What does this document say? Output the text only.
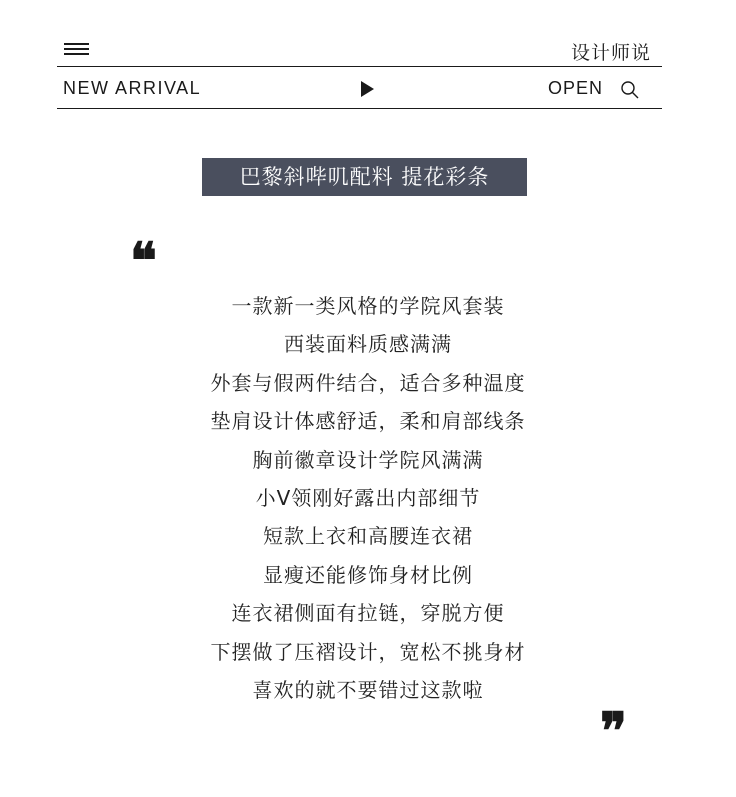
设计师说
NEW ARRIVAL	OPEN
巴黎斜哔叽配料 提花彩条
❝
❞
一款新一类风格的学院风套装
西装面料质感满满
外套与假两件结合，适合多种温度
垫肩设计体感舒适，柔和肩部线条
胸前徽章设计学院风满满
小V领刚好露出内部细节
短款上衣和高腰连衣裙
显瘦还能修饰身材比例
连衣裙侧面有拉链，穿脱方便
下摆做了压褶设计，宽松不挑身材
喜欢的就不要错过这款啦
